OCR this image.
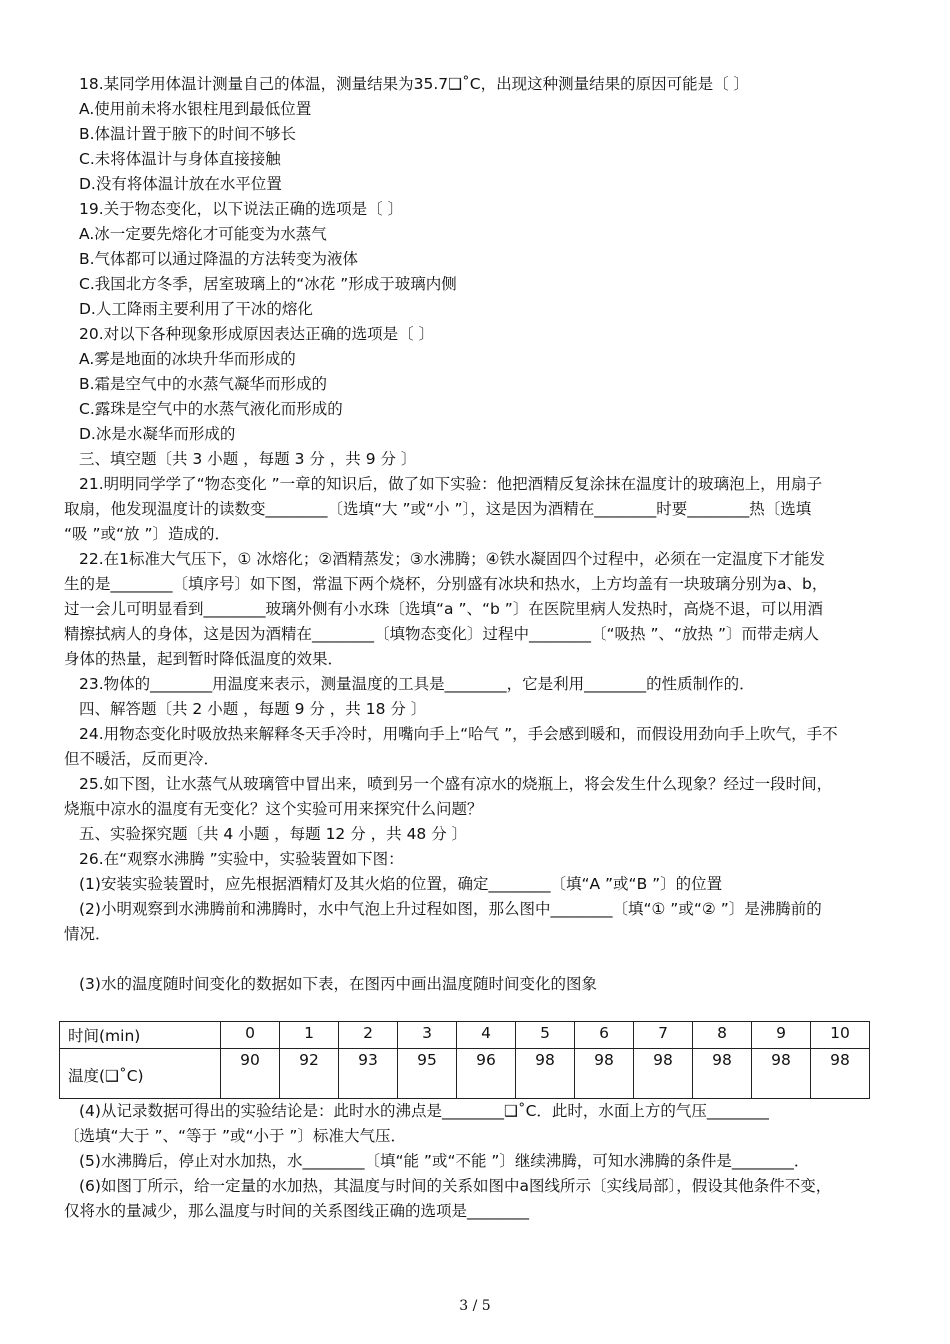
18.某同学用体温计测量自己的体温，测量结果为35.7❑˚C，出现这种测量结果的原因可能是〔 〕
A.使用前未将水银柱甩到最低位置
B.体温计置于腋下的时间不够长
C.未将体温计与身体直接接触
D.没有将体温计放在水平位置
19.关于物态变化，以下说法正确的选项是〔 〕
A.冰一定要先熔化才可能变为水蒸气
B.气体都可以通过降温的方法转变为液体
C.我国北方冬季，居室玻璃上的“冰花 ”形成于玻璃内侧
D.人工降雨主要利用了干冰的熔化
20.对以下各种现象形成原因表达正确的选项是〔 〕
A.雾是地面的冰块升华而形成的
B.霜是空气中的水蒸气凝华而形成的
C.露珠是空气中的水蒸气液化而形成的
D.冰是水凝华而形成的
三、填空题〔共 3 小题 ，每题 3 分 ，共 9 分 〕
21.明明同学学了“物态变化 ”一章的知识后，做了如下实验：他把酒精反复涂抹在温度计的玻璃泡上，用扇子
取扇，他发现温度计的读数变________〔选填“大 ”或“小 ”〕，这是因为酒精在________时要________热〔选填
“吸 ”或“放 ”〕造成的．
22.在1标准大气压下，① 冰熔化；②酒精蒸发；③水沸腾；④铁水凝固四个过程中，必须在一定温度下才能发
生的是________〔填序号〕如下图，常温下两个烧杯，分别盛有冰块和热水，上方均盖有一块玻璃分别为a、b，
过一会儿可明显看到________玻璃外侧有小水珠〔选填“a ”、“b ”〕在医院里病人发热时，高烧不退，可以用酒
精擦拭病人的身体，这是因为酒精在________〔填物态变化〕过程中________〔“吸热 ”、“放热 ”〕而带走病人
身体的热量，起到暂时降低温度的效果．
23.物体的________用温度来表示，测量温度的工具是________，它是利用________的性质制作的．
四、解答题〔共 2 小题 ，每题 9 分 ，共 18 分 〕
24.用物态变化时吸放热来解释冬天手冷时，用嘴向手上“哈气 ”，手会感到暖和，而假设用劲向手上吹气，手不
但不暖活，反而更冷．
25.如下图，让水蒸气从玻璃管中冒出来，喷到另一个盛有凉水的烧瓶上，将会发生什么现象？经过一段时间，
烧瓶中凉水的温度有无变化？这个实验可用来探究什么问题？
五、实验探究题〔共 4 小题 ，每题 12 分 ，共 48 分 〕
26.在“观察水沸腾 ”实验中，实验装置如下图：
(1)安装实验装置时，应先根据酒精灯及其火焰的位置，确定________〔填“A ”或“B ”〕的位置
(2)小明观察到水沸腾前和沸腾时，水中气泡上升过程如图，那么图中________〔填“① ”或“② ”〕是沸腾前的
情况．
(3)水的温度随时间变化的数据如下表，在图丙中画出温度随时间变化的图象
时间(min)	0	1	2	3	4	5	6	7	8	9	10
温度(❑˚C)	90	92	93	95	96	98	98	98	98	98	98
(4)从记录数据可得出的实验结论是：此时水的沸点是________❑˚C．此时，水面上方的气压________
〔选填“大于 ”、“等于 ”或“小于 ”〕标准大气压．
(5)水沸腾后，停止对水加热，水________〔填“能 ”或“不能 ”〕继续沸腾，可知水沸腾的条件是________．
(6)如图丁所示，给一定量的水加热，其温度与时间的关系如图中a图线所示〔实线局部〕，假设其他条件不变，
仅将水的量减少，那么温度与时间的关系图线正确的选项是________
3 / 5
